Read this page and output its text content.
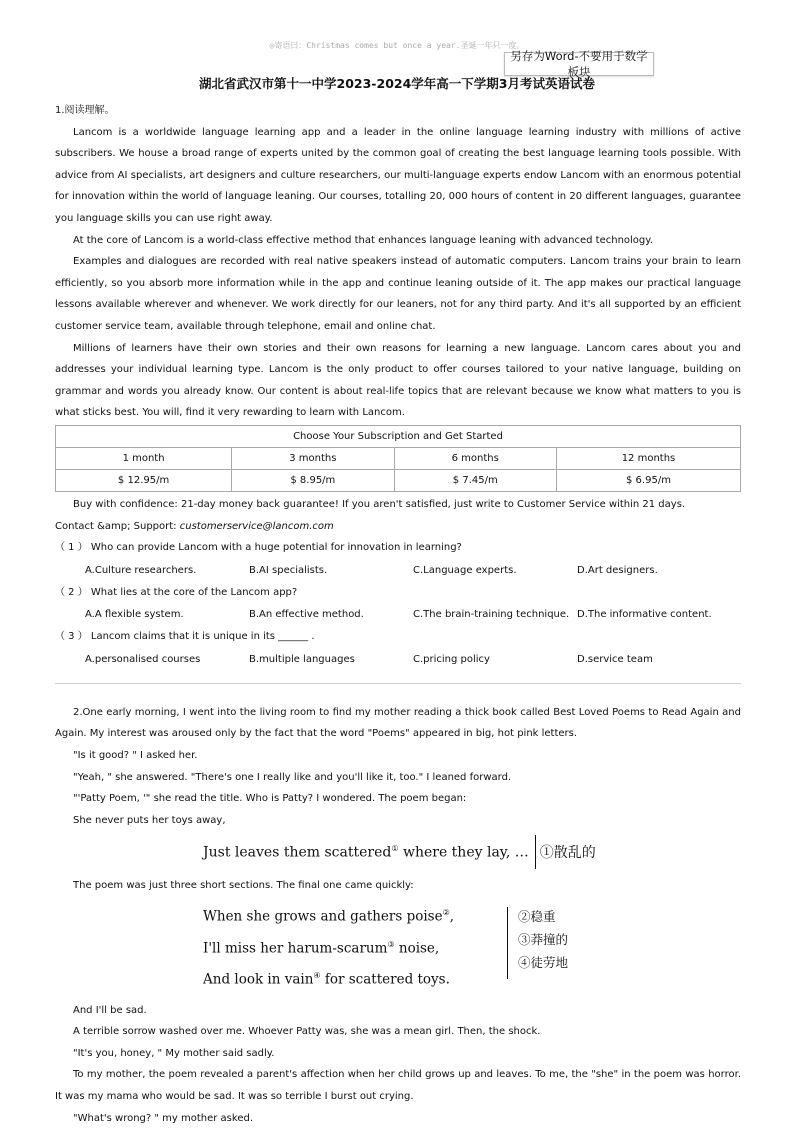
◎寄语曰：Christmas comes but once a year.圣诞一年只一度。
湖北省武汉市第十一中学2023-2024学年高一下学期3月考试英语试卷
另存为Word-不要用于数学板块

1.阅读理解。

Lancom is a worldwide language learning app and a leader in the online language learning industry with millions of active subscribers. We house a broad range of experts united by the common goal of creating the best language learning tools possible. With advice from AI specialists, art designers and culture researchers, our multi-language experts endow Lancom with an enormous potential for innovation within the world of language leaning. Our courses, totalling 20, 000 hours of content in 20 different languages, guarantee you language skills you can use right away.

At the core of Lancom is a world-class effective method that enhances language leaning with advanced technology.

Examples and dialogues are recorded with real native speakers instead of automatic computers. Lancom trains your brain to learn efficiently, so you absorb more information while in the app and continue leaning outside of it. The app makes our practical language lessons available wherever and whenever. We work directly for our leaners, not for any third party. And it's all supported by an efficient customer service team, available through telephone, email and online chat.

Millions of learners have their own stories and their own reasons for learning a new language. Lancom cares about you and addresses your individual learning type. Lancom is the only product to offer courses tailored to your native language, building on grammar and words you already know. Our content is about real-life topics that are relevant because we know what matters to you is what sticks best. You will, find it very rewarding to learn with Lancom.

Choose Your Subscription and Get Started			
1 month	3 months	6 months	12 months
$ 12.95/m	$ 8.95/m	$ 7.45/m	$ 6.95/m

Buy with confidence: 21-day money back guarantee! If you aren't satisfied, just write to Customer Service within 21 days.

Contact &amp; Support: customerservice@lancom.com

（ 1 ） Who can provide Lancom with a huge potential for innovation in learning?

A.Culture researchers.	B.AI specialists.	C.Language experts.	D.Art designers.

（ 2 ） What lies at the core of the Lancom app?

A.A flexible system.	B.An effective method.	C.The brain-training technique. D.The informative content.

（ 3 ） Lancom claims that it is unique in its ______ .

A.personalised courses	B.multiple languages	C.pricing policy	D.service team

2.One early morning, I went into the living room to find my mother reading a thick book called Best Loved Poems to Read Again and Again. My interest was aroused only by the fact that the word "Poems" appeared in big, hot pink letters.

"Is it good? " I asked her.

"Yeah, " she answered. "There's one I really like and you'll like it, too." I leaned forward.

"'Patty Poem, '" she read the title. Who is Patty? I wondered. The poem began:

She never puts her toys away,

Just leaves them scattered① where they lay, … ①散乱的

The poem was just three short sections. The final one came quickly:

When she grows and gathers poise②,
I'll miss her harum-scarum③ noise,
And look in vain④ for scattered toys.
②稳重
③莽撞的
④徒劳地

And I'll be sad.

A terrible sorrow washed over me. Whoever Patty was, she was a mean girl. Then, the shock.

"It's you, honey, " My mother said sadly.

To my mother, the poem revealed a parent's affection when her child grows up and leaves. To me, the "she" in the poem was horror. It was my mama who would be sad. It was so terrible I burst out crying.

"What's wrong? " my mother asked.
